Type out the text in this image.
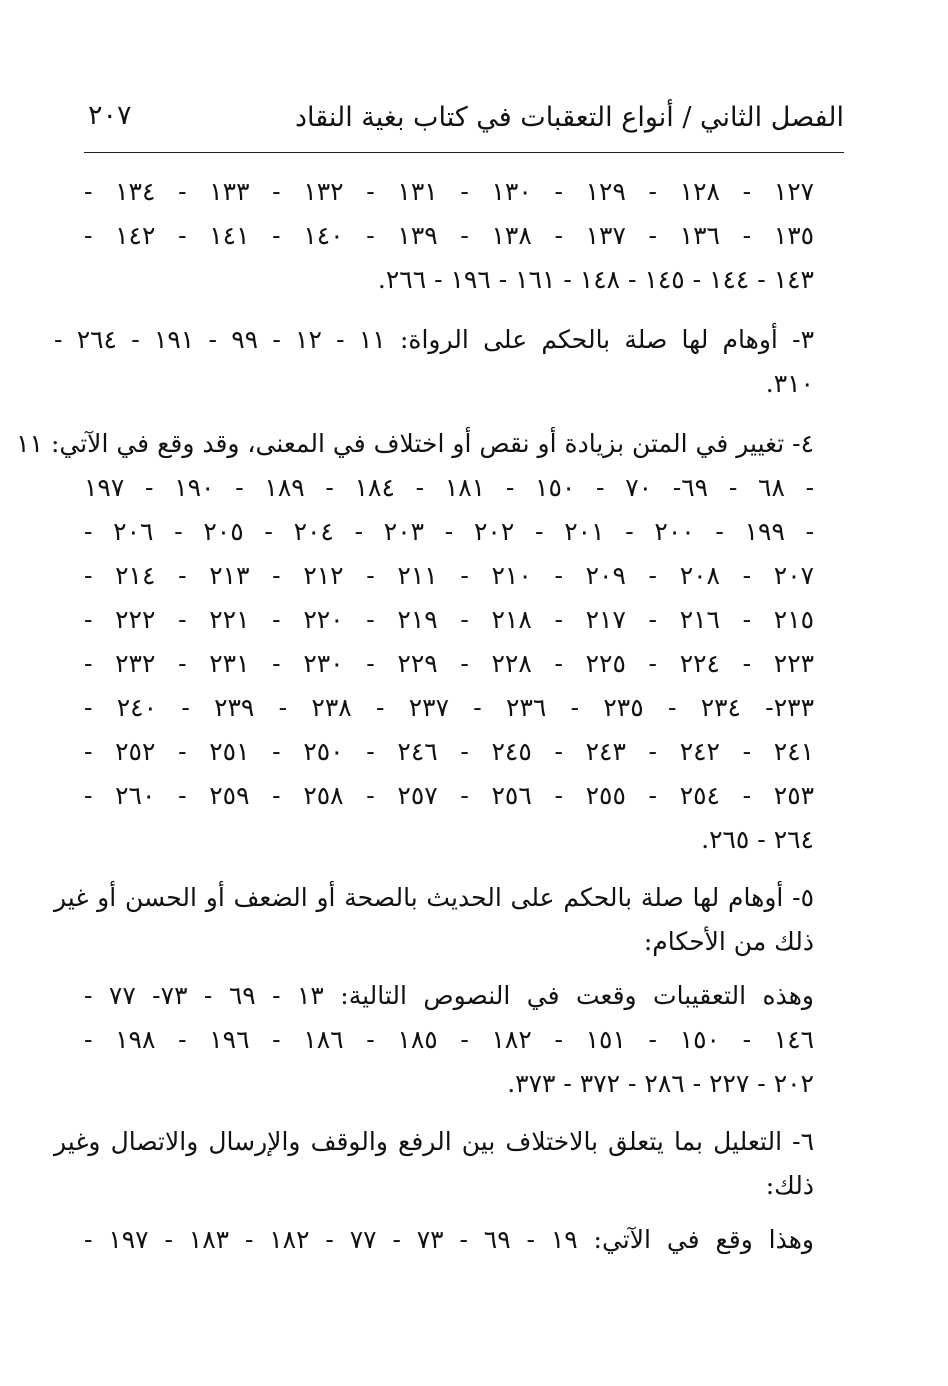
الفصل الثاني / أنواع التعقبات في كتاب بغية النقاد
٢٠٧
١٢٧ - ١٢٨ - ١٢٩ - ١٣٠ - ١٣١ - ١٣٢ - ١٣٣ - ١٣٤ -
١٣٥ - ١٣٦ - ١٣٧ - ١٣٨ - ١٣٩ - ١٤٠ - ١٤١ - ١٤٢ -
١٤٣ - ١٤٤ - ١٤٥ - ١٤٨ - ١٦١ - ١٩٦ - ٢٦٦.
٣- أوهام لها صلة بالحكم على الرواة: ١١ - ١٢ - ٩٩ - ١٩١ - ٢٦٤ -
٣١٠.
٤- تغيير في المتن بزيادة أو نقص أو اختلاف في المعنى، وقد وقع في الآتي: ١١
- ٦٨ - ٦٩- ٧٠ - ١٥٠ - ١٨١ - ١٨٤ - ١٨٩ - ١٩٠ - ١٩٧
- ١٩٩ - ٢٠٠ - ٢٠١ - ٢٠٢ - ٢٠٣ - ٢٠٤ - ٢٠٥ - ٢٠٦ -
٢٠٧ - ٢٠٨ - ٢٠٩ - ٢١٠ - ٢١١ - ٢١٢ - ٢١٣ - ٢١٤ -
٢١٥ - ٢١٦ - ٢١٧ - ٢١٨ - ٢١٩ - ٢٢٠ - ٢٢١ - ٢٢٢ -
٢٢٣ - ٢٢٤ - ٢٢٥ - ٢٢٨ - ٢٢٩ - ٢٣٠ - ٢٣١ - ٢٣٢ -
٢٣٣- ٢٣٤ - ٢٣٥ - ٢٣٦ - ٢٣٧ - ٢٣٨ - ٢٣٩ - ٢٤٠ -
٢٤١ - ٢٤٢ - ٢٤٣ - ٢٤٥ - ٢٤٦ - ٢٥٠ - ٢٥١ - ٢٥٢ -
٢٥٣ - ٢٥٤ - ٢٥٥ - ٢٥٦ - ٢٥٧ - ٢٥٨ - ٢٥٩ - ٢٦٠ -
٢٦٤ - ٢٦٥.
٥- أوهام لها صلة بالحكم على الحديث بالصحة أو الضعف أو الحسن أو غير
ذلك من الأحكام:
وهذه التعقيبات وقعت في النصوص التالية: ١٣ - ٦٩ - ٧٣- ٧٧ -
١٤٦ - ١٥٠ - ١٥١ - ١٨٢ - ١٨٥ - ١٨٦ - ١٩٦ - ١٩٨ -
٢٠٢ - ٢٢٧ - ٢٨٦ - ٣٧٢ - ٣٧٣.
٦- التعليل بما يتعلق بالاختلاف بين الرفع والوقف والإرسال والاتصال وغير
ذلك:
وهذا وقع في الآتي: ١٩ - ٦٩ - ٧٣ - ٧٧ - ١٨٢ - ١٨٣ - ١٩٧ -
